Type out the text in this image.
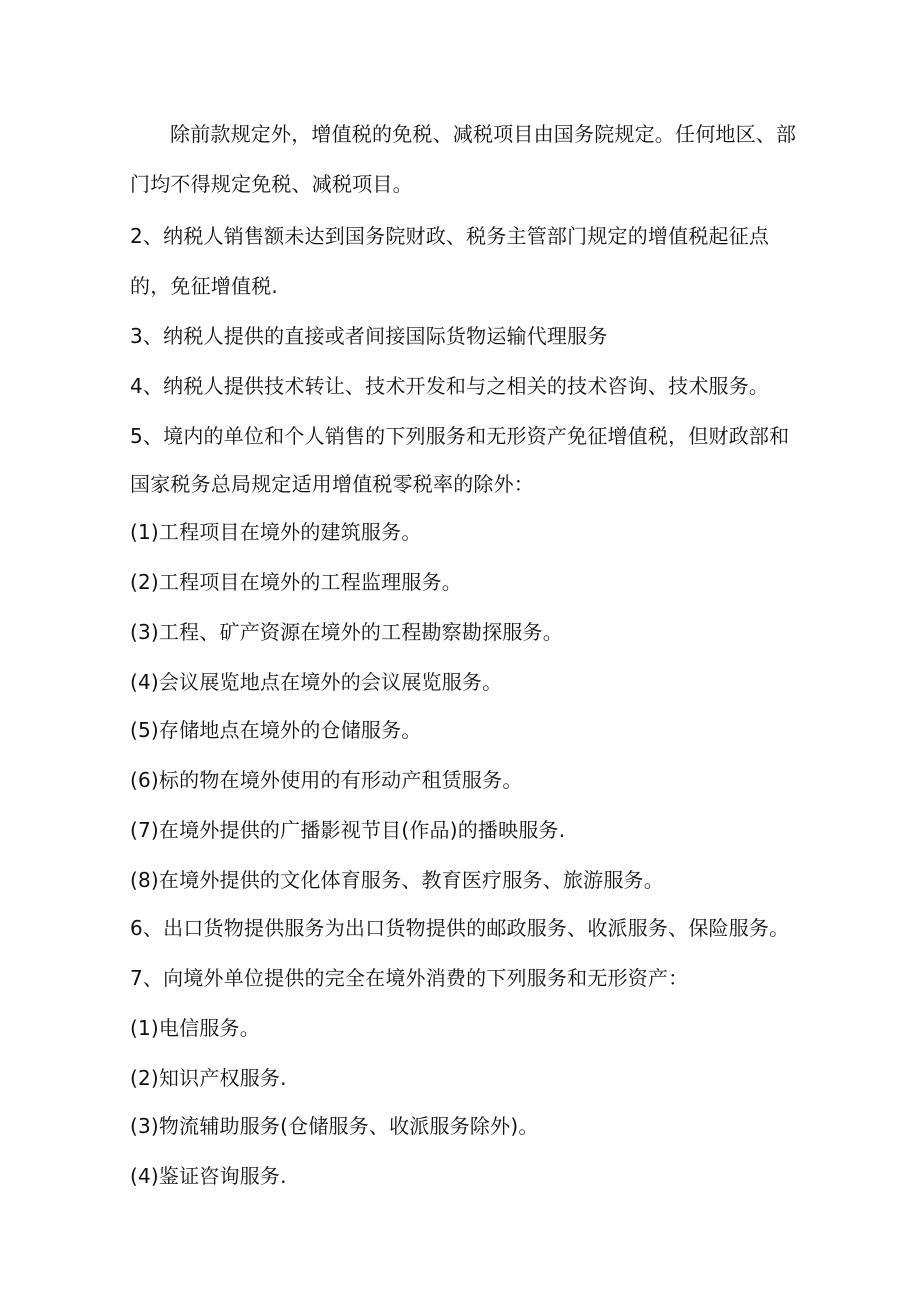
除前款规定外，增值税的免税、减税项目由国务院规定。任何地区、部
门均不得规定免税、减税项目。
2、纳税人销售额未达到国务院财政、税务主管部门规定的增值税起征点
的，免征增值税.
3、纳税人提供的直接或者间接国际货物运输代理服务
4、纳税人提供技术转让、技术开发和与之相关的技术咨询、技术服务。
5、境内的单位和个人销售的下列服务和无形资产免征增值税，但财政部和
国家税务总局规定适用增值税零税率的除外：
(1)工程项目在境外的建筑服务。
(2)工程项目在境外的工程监理服务。
(3)工程、矿产资源在境外的工程勘察勘探服务。
(4)会议展览地点在境外的会议展览服务。
(5)存储地点在境外的仓储服务。
(6)标的物在境外使用的有形动产租赁服务。
(7)在境外提供的广播影视节目(作品)的播映服务.
(8)在境外提供的文化体育服务、教育医疗服务、旅游服务。
6、出口货物提供服务为出口货物提供的邮政服务、收派服务、保险服务。
7、向境外单位提供的完全在境外消费的下列服务和无形资产：
(1)电信服务。
(2)知识产权服务.
(3)物流辅助服务(仓储服务、收派服务除外)。
(4)鉴证咨询服务.
